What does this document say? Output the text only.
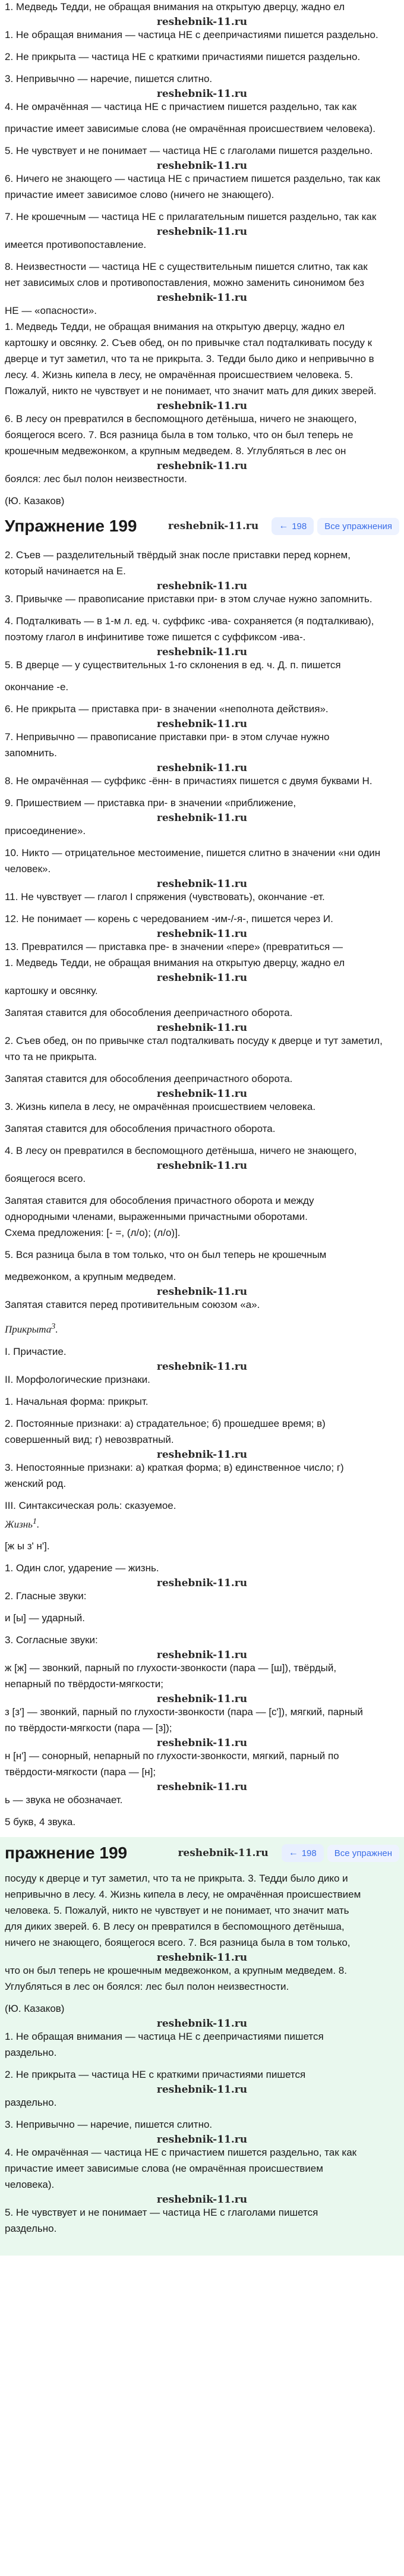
1. Медведь Тедди, не обращая внимания на открытую дверцу, жадно ел

reshebnik-11.ru

1. Не обращая внимания — частица НЕ с деепричастиями пишется раздельно.

2. Не прикрыта — частица НЕ с краткими причастиями пишется раздельно.

3. Непривычно — наречие, пишется слитно.

reshebnik-11.ru

4. Не омрачённая — частица НЕ с причастием пишется раздельно, так как

причастие имеет зависимые слова (не омрачённая происшествием человека).

5. Не чувствует и не понимает — частица НЕ с глаголами пишется раздельно.

reshebnik-11.ru

6. Ничего не знающего — частица НЕ с причастием пишется раздельно, так как

причастие имеет зависимое слово (ничего не знающего).

7. Не крошечным — частица НЕ с прилагательным пишется раздельно, так как

reshebnik-11.ru

имеется противопоставление.

8. Неизвестности — частица НЕ с существительным пишется слитно, так как

нет зависимых слов и противопоставления, можно заменить синонимом без

reshebnik-11.ru

НЕ — «опасности».

1. Медведь Тедди, не обращая внимания на открытую дверцу, жадно ел

картошку и овсянку. 2. Съев обед, он по привычке стал подталкивать посуду к

дверце и тут заметил, что та не прикрыта. 3. Тедди было дико и непривычно в

лесу. 4. Жизнь кипела в лесу, не омрачённая происшествием человека. 5.

Пожалуй, никто не чувствует и не понимает, что значит мать для диких зверей.

reshebnik-11.ru

6. В лесу он превратился в беспомощного детёныша, ничего не знающего,

боящегося всего. 7. Вся разница была в том только, что он был теперь не

крошечным медвежонком, а крупным медведем. 8. Углубляться в лес он

reshebnik-11.ru

боялся: лес был полон неизвестности.

(Ю. Казаков)

Упражнение 199	reshebnik-11.ru ← 198	Все упражнения

2. Съев — разделительный твёрдый знак после приставки перед корнем,

который начинается на Е.

reshebnik-11.ru

3. Привычке — правописание приставки при- в этом случае нужно запомнить.

4. Подталкивать — в 1-м л. ед. ч. суффикс -ива- сохраняется (я подталкиваю),

поэтому глагол в инфинитиве тоже пишется с суффиксом -ива-.

reshebnik-11.ru

5. В дверце — у существительных 1-го склонения в ед. ч. Д. п. пишется

окончание -е.

6. Не прикрыта — приставка при- в значении «неполнота действия».

reshebnik-11.ru

7. Непривычно — правописание приставки при- в этом случае нужно

запомнить.

reshebnik-11.ru

8. Не омрачённая — суффикс -ённ- в причастиях пишется с двумя буквами Н.

9. Пришествием — приставка при- в значении «приближение,

reshebnik-11.ru

присоединение».

10. Никто — отрицательное местоимение, пишется слитно в значении «ни один

человек».

reshebnik-11.ru

11. Не чувствует — глагол I спряжения (чувствовать), окончание -ет.

12. Не понимает — корень с чередованием -им-/-я-, пишется через И.

reshebnik-11.ru

13. Превратился — приставка пре- в значении «пере» (превратиться —

1. Медведь Тедди, не обращая внимания на открытую дверцу, жадно ел

reshebnik-11.ru

картошку и овсянку.

Запятая ставится для обособления деепричастного оборота.

reshebnik-11.ru

2. Съев обед, он по привычке стал подталкивать посуду к дверце и тут заметил,

что та не прикрыта.

Запятая ставится для обособления деепричастного оборота.

reshebnik-11.ru

3. Жизнь кипела в лесу, не омрачённая происшествием человека.

Запятая ставится для обособления причастного оборота.

4. В лесу он превратился в беспомощного детёныша, ничего не знающего,

reshebnik-11.ru

боящегося всего.

Запятая ставится для обособления причастного оборота и между

однородными членами, выраженными причастными оборотами.

Схема предложения: [- =, (л/о); (л/о)].

5. Вся разница была в том только, что он был теперь не крошечным

медвежонком, а крупным медведем.

reshebnik-11.ru

Запятая ставится перед противительным союзом «а».

Прикрыта$^3$.

I. Причастие.

reshebnik-11.ru

II. Морфологические признаки.

1. Начальная форма: прикрыт.

2. Постоянные признаки: а) страдательное; б) прошедшее время; в)

совершенный вид; г) невозвратный.

reshebnik-11.ru

3. Непостоянные признаки: а) краткая форма; в) единственное число; г)

женский род.

III. Синтаксическая роль: сказуемое.

Жизнь$^1$.

[ж ы з' н'].

1. Один слог, ударение — жизнь.

reshebnik-11.ru

2. Гласные звуки:

и [ы] — ударный.

3. Согласные звуки:

reshebnik-11.ru

ж [ж] — звонкий, парный по глухости-звонкости (пара — [ш]), твёрдый,

непарный по твёрдости-мягкости;

reshebnik-11.ru

з [з'] — звонкий, парный по глухости-звонкости (пара — [с']), мягкий, парный

по твёрдости-мягкости (пара — [з]);

reshebnik-11.ru

н [н'] — сонорный, непарный по глухости-звонкости, мягкий, парный по

твёрдости-мягкости (пара — [н];

reshebnik-11.ru

ь — звука не обозначает.

5 букв, 4 звука.

пражнение 199	reshebnik-11.ru ← 198	Все упражнен

посуду к дверце и тут заметил, что та не прикрыта. 3. Тедди было дико и

непривычно в лесу. 4. Жизнь кипела в лесу, не омрачённая происшествием

человека. 5. Пожалуй, никто не чувствует и не понимает, что значит мать

для диких зверей. 6. В лесу он превратился в беспомощного детёныша,

ничего не знающего, боящегося всего. 7. Вся разница была в том только,

reshebnik-11.ru

что он был теперь не крошечным медвежонком, а крупным медведем. 8.

Углубляться в лес он боялся: лес был полон неизвестности.

(Ю. Казаков)

reshebnik-11.ru

1. Не обращая внимания — частица НЕ с деепричастиями пишется

раздельно.

2. Не прикрыта — частица НЕ с краткими причастиями пишется

reshebnik-11.ru

раздельно.

3. Непривычно — наречие, пишется слитно.

reshebnik-11.ru

4. Не омрачённая — частица НЕ с причастием пишется раздельно, так как

причастие имеет зависимые слова (не омрачённая происшествием

человека).

reshebnik-11.ru

5. Не чувствует и не понимает — частица НЕ с глаголами пишется

раздельно.
